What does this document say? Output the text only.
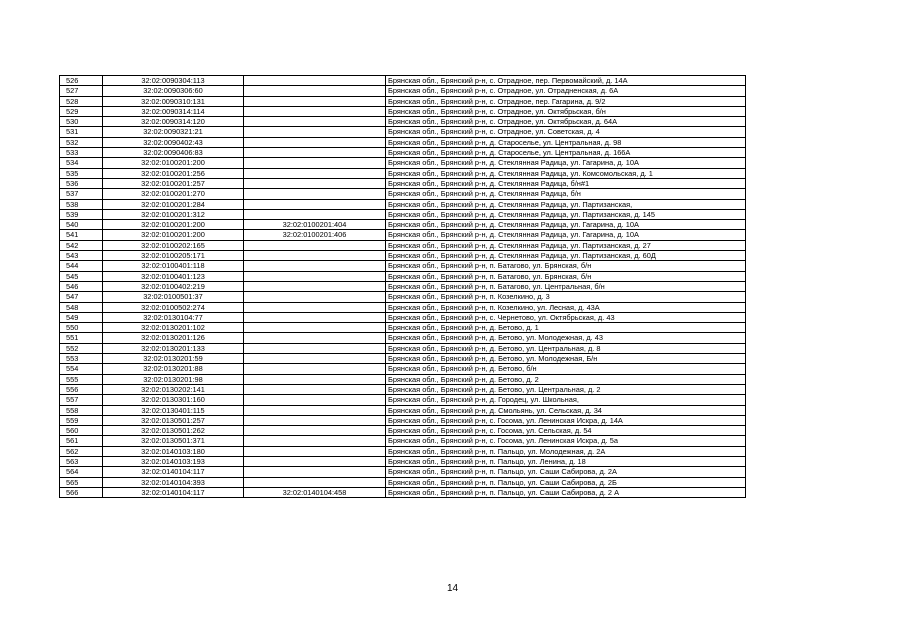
526	32:02:0090304:113		Брянская обл., Брянский р-н, с. Отрадное, пер. Первомайский, д. 14А
527	32:02:0090306:60		Брянская обл., Брянский р-н, с. Отрадное, ул. Отрадненская, д. 6А
528	32:02:0090310:131		Брянская обл., Брянский р-н, с. Отрадное, пер. Гагарина, д. 9/2
529	32:02:0090314:114		Брянская обл., Брянский р-н, с. Отрадное, ул. Октябрьская, б/н
530	32:02:0090314:120		Брянская обл., Брянский р-н, с. Отрадное, ул. Октябрьская, д. 64А
531	32:02:0090321:21		Брянская обл., Брянский р-н, с. Отрадное, ул. Советская, д. 4
532	32:02:0090402:43		Брянская обл., Брянский р-н, д. Староселье, ул. Центральная, д. 98
533	32:02:0090406:83		Брянская обл., Брянский р-н, д. Староселье, ул. Центральная, д. 166А
534	32:02:0100201:200		Брянская обл., Брянский р-н, д. Стеклянная Радица, ул. Гагарина, д. 10А
535	32:02:0100201:256		Брянская обл., Брянский р-н, д. Стеклянная Радица, ул. Комсомольская, д. 1
536	32:02:0100201:257		Брянская обл., Брянский р-н, д. Стеклянная Радица, б/н#1
537	32:02:0100201:270		Брянская обл., Брянский р-н, д. Стеклянная Радица, б/н
538	32:02:0100201:284		Брянская обл., Брянский р-н, д. Стеклянная Радица, ул. Партизанская,
539	32:02:0100201:312		Брянская обл., Брянский р-н, д. Стеклянная Радица, ул. Партизанская, д. 145
540	32:02:0100201:200	32:02:0100201:404	Брянская обл., Брянский р-н, д. Стеклянная Радица, ул. Гагарина, д. 10А
541	32:02:0100201:200	32:02:0100201:406	Брянская обл., Брянский р-н, д. Стеклянная Радица, ул. Гагарина, д. 10А
542	32:02:0100202:165		Брянская обл., Брянский р-н, д. Стеклянная Радица, ул. Партизанская, д. 27
543	32:02:0100205:171		Брянская обл., Брянский р-н, д. Стеклянная Радица, ул. Партизанская, д. 60Д
544	32:02:0100401:118		Брянская обл., Брянский р-н, п. Батагово, ул. Брянская, б/н
545	32:02:0100401:123		Брянская обл., Брянский р-н, п. Батагово, ул. Брянская, б/н
546	32:02:0100402:219		Брянская обл., Брянский р-н, п. Батагово, ул. Центральная, б/н
547	32:02:0100501:37		Брянская обл., Брянский р-н, п. Козелкино, д. 3
548	32:02:0100502:274		Брянская обл., Брянский р-н, п. Козелкино, ул. Лесная, д. 43А
549	32:02:0130104:77		Брянская обл., Брянский р-н, с. Чернетово, ул. Октябрьская, д. 43
550	32:02:0130201:102		Брянская обл., Брянский р-н, д. Бетово, д. 1
551	32:02:0130201:126		Брянская обл., Брянский р-н, д. Бетово, ул. Молодежная, д. 43
552	32:02:0130201:133		Брянская обл., Брянский р-н, д. Бетово, ул. Центральная, д. 8
553	32:02:0130201:59		Брянская обл., Брянский р-н, д. Бетово, ул. Молодежная, Б/н
554	32:02:0130201:88		Брянская обл., Брянский р-н, д. Бетово, б/н
555	32:02:0130201:98		Брянская обл., Брянский р-н, д. Бетово, д. 2
556	32:02:0130202:141		Брянская обл., Брянский р-н, д. Бетово, ул. Центральная, д. 2
557	32:02:0130301:160		Брянская обл., Брянский р-н, д. Городец, ул. Школьная,
558	32:02:0130401:115		Брянская обл., Брянский р-н, д. Смольянь, ул. Сельская, д. 34
559	32:02:0130501:257		Брянская обл., Брянский р-н, с. Госома, ул. Ленинская Искра, д. 14А
560	32:02:0130501:262		Брянская обл., Брянский р-н, с. Госома, ул. Сельская, д. 54
561	32:02:0130501:371		Брянская обл., Брянский р-н, с. Госома, ул. Ленинская Искра, д. 5а
562	32:02:0140103:180		Брянская обл., Брянский р-н, п. Пальцо, ул. Молодежная, д. 2А
563	32:02:0140103:193		Брянская обл., Брянский р-н, п. Пальцо, ул. Ленина, д. 18
564	32:02:0140104:117		Брянская обл., Брянский р-н, п. Пальцо, ул. Саши Сабирова, д. 2А
565	32:02:0140104:393		Брянская обл., Брянский р-н, п. Пальцо, ул. Саши Сабирова, д. 2Б
566	32:02:0140104:117	32:02:0140104:458	Брянская обл., Брянский р-н, п. Пальцо, ул. Саши Сабирова, д. 2 А
14
